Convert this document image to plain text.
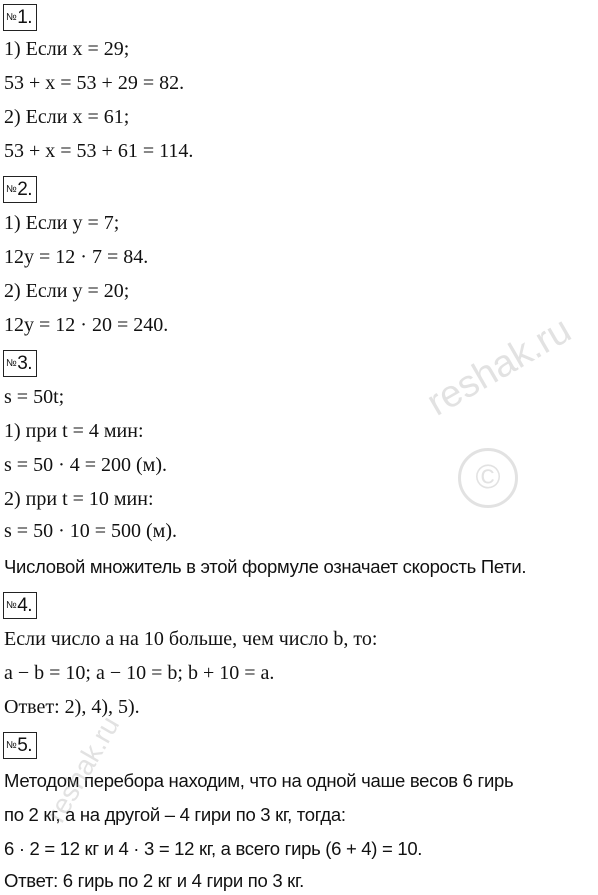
№1.
1) Если x = 29;
53 + x = 53 + 29 = 82.
2) Если x = 61;
53 + x = 53 + 61 = 114.
№2.
1) Если y = 7;
12y = 12 · 7 = 84.
2) Если y = 20;
12y = 12 · 20 = 240.
№3.
s = 50t;
1) при t = 4 мин:
s = 50 · 4 = 200 (м).
2) при t = 10 мин:
s = 50 · 10 = 500 (м).
Числовой множитель в этой формуле означает скорость Пети.
№4.
Если число a на 10 больше, чем число b, то:
a − b = 10; a − 10 = b; b + 10 = a.
Ответ: 2), 4), 5).
№5.
Методом перебора находим, что на одной чаше весов 6 гирь
по 2 кг, а на другой – 4 гири по 3 кг, тогда:
6 · 2 = 12 кг и 4 · 3 = 12 кг, а всего гирь (6 + 4) = 10.
Ответ: 6 гирь по 2 кг и 4 гири по 3 кг.
reshak.ru
©
reshak.ru
